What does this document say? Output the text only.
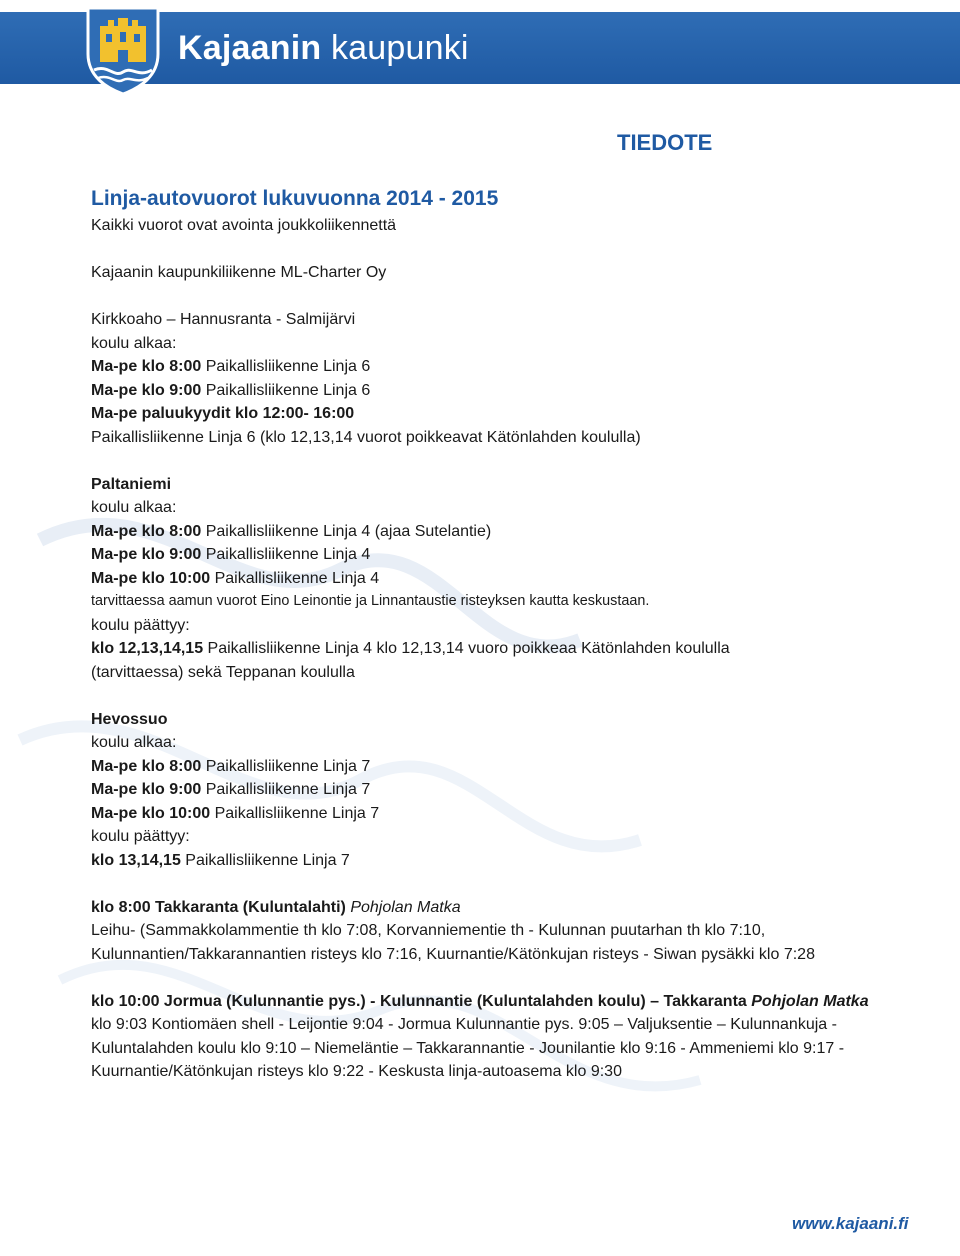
Kajaanin kaupunki
TIEDOTE
Linja-autovuorot lukuvuonna 2014 - 2015
Kaikki vuorot ovat avointa joukkoliikennettä
Kajaanin kaupunkiliikenne ML-Charter Oy
Kirkkoaho – Hannusranta - Salmijärvi
koulu alkaa:
Ma-pe klo 8:00 Paikallisliikenne Linja 6
Ma-pe klo 9:00 Paikallisliikenne Linja 6
Ma-pe paluukyydit klo 12:00- 16:00
Paikallisliikenne Linja 6 (klo 12,13,14 vuorot poikkeavat Kätönlahden koululla)
Paltaniemi
koulu alkaa:
Ma-pe klo 8:00 Paikallisliikenne Linja 4 (ajaa Sutelantie)
Ma-pe klo 9:00 Paikallisliikenne Linja 4
Ma-pe klo 10:00 Paikallisliikenne Linja 4
tarvittaessa aamun vuorot Eino Leinontie ja Linnantaustie risteyksen kautta keskustaan.
koulu päättyy:
klo 12,13,14,15 Paikallisliikenne Linja 4 klo 12,13,14 vuoro poikkeaa Kätönlahden koululla
(tarvittaessa) sekä Teppanan koululla
Hevossuo
koulu alkaa:
Ma-pe klo 8:00 Paikallisliikenne Linja 7
Ma-pe klo 9:00 Paikallisliikenne Linja 7
Ma-pe klo 10:00 Paikallisliikenne Linja 7
koulu päättyy:
klo 13,14,15 Paikallisliikenne Linja 7
klo 8:00 Takkaranta (Kuluntalahti) Pohjolan Matka
Leihu- (Sammakkolammentie th klo 7:08, Korvanniementie th - Kulunnan puutarhan th klo 7:10, Kulunnantien/Takkarannantien risteys klo 7:16, Kuurnantie/Kätönkujan risteys - Siwan pysäkki klo 7:28
klo 10:00 Jormua (Kulunnantie pys.) - Kulunnantie (Kuluntalahden koulu) – Takkaranta Pohjolan Matka
klo 9:03 Kontiomäen shell - Leijontie 9:04 - Jormua Kulunnantie pys. 9:05 – Valjuksentie – Kulunnankuja - Kuluntalahden koulu klo 9:10 – Niemeläntie – Takkarannantie - Jounilantie klo 9:16 - Ammeniemi klo 9:17 - Kuurnantie/Kätönkujan risteys klo 9:22 - Keskusta linja-autoasema klo 9:30
www.kajaani.fi
